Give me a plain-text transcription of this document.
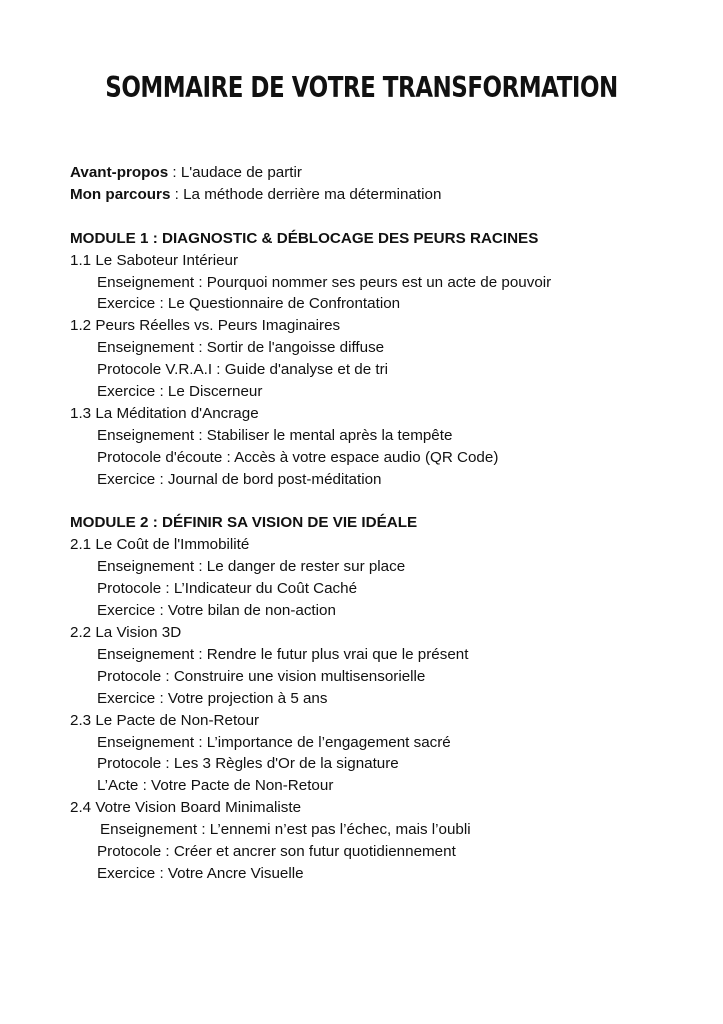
SOMMAIRE DE VOTRE TRANSFORMATION

Avant-propos : L'audace de partir

Mon parcours : La méthode derrière ma détermination

MODULE 1 : DIAGNOSTIC & DÉBLOCAGE DES PEURS RACINES

1.1 Le Saboteur Intérieur

Enseignement : Pourquoi nommer ses peurs est un acte de pouvoir

Exercice : Le Questionnaire de Confrontation

1.2 Peurs Réelles vs. Peurs Imaginaires

Enseignement : Sortir de l'angoisse diffuse

Protocole V.R.A.I : Guide d'analyse et de tri

Exercice : Le Discerneur

1.3 La Méditation d'Ancrage

Enseignement : Stabiliser le mental après la tempête

Protocole d'écoute : Accès à votre espace audio (QR Code)

Exercice : Journal de bord post-méditation

MODULE 2 : DÉFINIR SA VISION DE VIE IDÉALE

2.1 Le Coût de l'Immobilité

Enseignement : Le danger de rester sur place

Protocole : L’Indicateur du Coût Caché

Exercice : Votre bilan de non-action

2.2 La Vision 3D

Enseignement : Rendre le futur plus vrai que le présent

Protocole : Construire une vision multisensorielle

Exercice : Votre projection à 5 ans

2.3 Le Pacte de Non-Retour

Enseignement : L’importance de l’engagement sacré

Protocole : Les 3 Règles d'Or de la signature

L’Acte : Votre Pacte de Non-Retour

2.4 Votre Vision Board Minimaliste

Enseignement : L’ennemi n’est pas l’échec, mais l’oubli

Protocole : Créer et ancrer son futur quotidiennement

Exercice : Votre Ancre Visuelle
